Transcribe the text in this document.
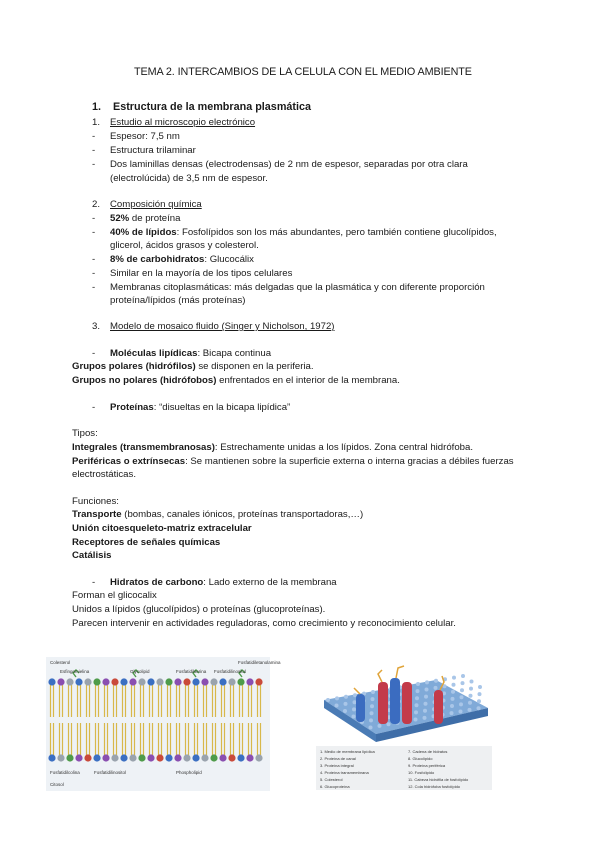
TEMA 2. INTERCAMBIOS DE LA CELULA CON EL MEDIO AMBIENTE
1. Estructura de la membrana plasmática
1. Estudio al microscopio electrónico
- Espesor: 7,5 nm
- Estructura trilaminar
- Dos laminillas densas (electrodensas) de 2 nm de espesor, separadas por otra clara
(electrolúcida) de 3,5 nm de espesor.
2. Composición química
- 52% de proteína
- 40% de lípidos: Fosfolípidos son los más abundantes, pero también contiene glucolípidos,
glicerol, ácidos grasos y colesterol.
- 8% de carbohidratos: Glucocálix
- Similar en la mayoría de los tipos celulares
- Membranas citoplasmáticas: más delgadas que la plasmática y con diferente proporción
proteína/lípidos (más proteínas)
3. Modelo de mosaico fluido (Singer y Nicholson, 1972)
- Moléculas lipídicas: Bicapa continua
Grupos polares (hidrófilos) se disponen en la periferia.
Grupos no polares (hidrófobos) enfrentados en el interior de la membrana.
- Proteínas: “disueltas en la bicapa lipídica”
Tipos:
Integrales (transmembranosas): Estrechamente unidas a los lípidos. Zona central hidrófoba.
Periféricas o extrínsecas: Se mantienen sobre la superficie externa o interna gracias a débiles fuerzas
electrostáticas.
Funciones:
Transporte (bombas, canales iónicos, proteínas transportadoras,…)
Unión citoesqueleto-matriz extracelular
Receptores de señales químicas
Catálisis
- Hidratos de carbono: Lado externo de la membrana
Forman el glicocalix
Unidos a lípidos (glucolípidos) o proteínas (glucoproteínas).
Parecen intervenir en actividades reguladoras, como crecimiento y reconocimiento celular.
Colesterol
Esfingomielina	Glycolipid	Fosfatidilserina Fosfatidilinositol
Fosfatidiletanolamina
Fosfatidilcolina	Fosfatidilinositol
Citosol
Phospholipid
1. Medio de membrana lipídica
2. Proteína de canal
3. Proteína integral
4. Proteína transmembrana
5. Colesterol
6. Glucoproteína
7. Cadena de hidratos
8. Glucolípido
9. Proteína periférica
10. Fosfolípido
11. Cabeza hidrófila de fosfolípido
12. Cola hidrófoba fosfolípido
